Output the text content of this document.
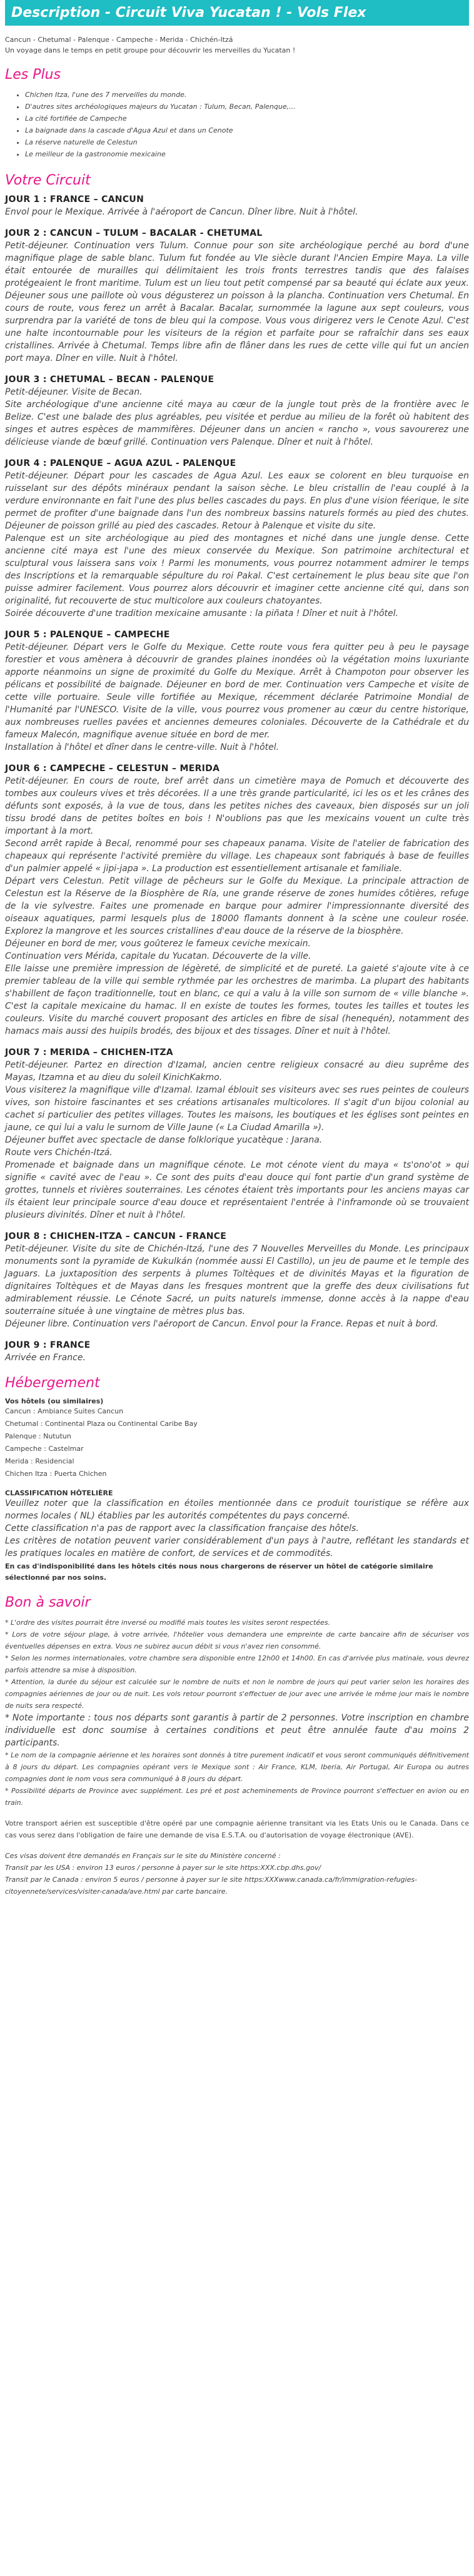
Description - Circuit Viva Yucatan ! - Vols Flex
Cancun - Chetumal - Palenque - Campeche - Merida - Chichén-Itzá
Un voyage dans le temps en petit groupe pour découvrir les merveilles du Yucatan !
Les Plus
• Chichen Itza, l'une des 7 merveilles du monde.
• D'autres sites archéologiques majeurs du Yucatan : Tulum, Becan, Palenque,...
• La cité fortifiée de Campeche
• La baignade dans la cascade d'Agua Azul et dans un Cenote
• La réserve naturelle de Celestun
• Le meilleur de la gastronomie mexicaine
Votre Circuit
JOUR 1 : FRANCE – CANCUN
Envol pour le Mexique. Arrivée à l'aéroport de Cancun. Dîner libre. Nuit à l'hôtel.
JOUR 2 : CANCUN – TULUM – BACALAR - CHETUMAL
Petit-déjeuner. Continuation vers Tulum. Connue pour son site archéologique perché au bord d'une magnifique plage de sable blanc. Tulum fut fondée au VIe siècle durant l'Ancien Empire Maya. La ville était entourée de murailles qui délimitaient les trois fronts terrestres tandis que des falaises protégeaient le front maritime. Tulum est un lieu tout petit compensé par sa beauté qui éclate aux yeux. Déjeuner sous une paillote où vous dégusterez un poisson à la plancha. Continuation vers Chetumal. En cours de route, vous ferez un arrêt à Bacalar. Bacalar, surnommée la lagune aux sept couleurs, vous surprendra par la variété de tons de bleu qui la compose. Vous vous dirigerez vers le Cenote Azul. C'est une halte incontournable pour les visiteurs de la région et parfaite pour se rafraîchir dans ses eaux cristallines. Arrivée à Chetumal. Temps libre afin de flâner dans les rues de cette ville qui fut un ancien port maya. Dîner en ville. Nuit à l'hôtel.
JOUR 3 : CHETUMAL – BECAN - PALENQUE
Petit-déjeuner. Visite de Becan.
Site archéologique d'une ancienne cité maya au cœur de la jungle tout près de la frontière avec le Belize. C'est une balade des plus agréables, peu visitée et perdue au milieu de la forêt où habitent des singes et autres espèces de mammifères. Déjeuner dans un ancien « rancho », vous savourerez une délicieuse viande de bœuf grillé. Continuation vers Palenque. Dîner et nuit à l'hôtel.
JOUR 4 : PALENQUE – AGUA AZUL - PALENQUE
Petit-déjeuner. Départ pour les cascades de Agua Azul. Les eaux se colorent en bleu turquoise en ruisselant sur des dépôts minéraux pendant la saison sèche. Le bleu cristallin de l'eau couplé à la verdure environnante en fait l'une des plus belles cascades du pays. En plus d'une vision féerique, le site permet de profiter d'une baignade dans l'un des nombreux bassins naturels formés au pied des chutes. Déjeuner de poisson grillé au pied des cascades. Retour à Palenque et visite du site.
Palenque est un site archéologique au pied des montagnes et niché dans une jungle dense. Cette ancienne cité maya est l'une des mieux conservée du Mexique. Son patrimoine architectural et sculptural vous laissera sans voix ! Parmi les monuments, vous pourrez notamment admirer le temps des Inscriptions et la remarquable sépulture du roi Pakal. C'est certainement le plus beau site que l'on puisse admirer facilement. Vous pourrez alors découvrir et imaginer cette ancienne cité qui, dans son originalité, fut recouverte de stuc multicolore aux couleurs chatoyantes.
Soirée découverte d'une tradition mexicaine amusante : la piñata ! Dîner et nuit à l'hôtel.
JOUR 5 : PALENQUE – CAMPECHE
Petit-déjeuner. Départ vers le Golfe du Mexique. Cette route vous fera quitter peu à peu le paysage forestier et vous amènera à découvrir de grandes plaines inondées où la végétation moins luxuriante apporte néanmoins un signe de proximité du Golfe du Mexique. Arrêt à Champoton pour observer les pélicans et possibilité de baignade. Déjeuner en bord de mer. Continuation vers Campeche et visite de cette ville portuaire. Seule ville fortifiée au Mexique, récemment déclarée Patrimoine Mondial de l'Humanité par l'UNESCO. Visite de la ville, vous pourrez vous promener au cœur du centre historique, aux nombreuses ruelles pavées et anciennes demeures coloniales. Découverte de la Cathédrale et du fameux Malecón, magnifique avenue située en bord de mer.
Installation à l'hôtel et dîner dans le centre-ville. Nuit à l'hôtel.
JOUR 6 : CAMPECHE – CELESTUN – MERIDA
Petit-déjeuner. En cours de route, bref arrêt dans un cimetière maya de Pomuch et découverte des tombes aux couleurs vives et très décorées. Il a une très grande particularité, ici les os et les crânes des défunts sont exposés, à la vue de tous, dans les petites niches des caveaux, bien disposés sur un joli tissu brodé dans de petites boîtes en bois ! N'oublions pas que les mexicains vouent un culte très important à la mort.
Second arrêt rapide à Becal, renommé pour ses chapeaux panama. Visite de l'atelier de fabrication des chapeaux qui représente l'activité première du village. Les chapeaux sont fabriqués à base de feuilles d'un palmier appelé « jipi-japa ». La production est essentiellement artisanale et familiale.
Départ vers Celestun. Petit village de pêcheurs sur le Golfe du Mexique. La principale attraction de Celestun est la Réserve de la Biosphère de Ría, une grande réserve de zones humides côtières, refuge de la vie sylvestre. Faites une promenade en barque pour admirer l'impressionnante diversité des oiseaux aquatiques, parmi lesquels plus de 18000 flamants donnent à la scène une couleur rosée. Explorez la mangrove et les sources cristallines d'eau douce de la réserve de la biosphère.
Déjeuner en bord de mer, vous goûterez le fameux ceviche mexicain.
Continuation vers Mérida, capitale du Yucatan. Découverte de la ville.
Elle laisse une première impression de légèreté, de simplicité et de pureté. La gaieté s'ajoute vite à ce premier tableau de la ville qui semble rythmée par les orchestres de marimba. La plupart des habitants s'habillent de façon traditionnelle, tout en blanc, ce qui a valu à la ville son surnom de « ville blanche ». C'est la capitale mexicaine du hamac. Il en existe de toutes les formes, toutes les tailles et toutes les couleurs. Visite du marché couvert proposant des articles en fibre de sisal (henequén), notamment des hamacs mais aussi des huipils brodés, des bijoux et des tissages. Dîner et nuit à l'hôtel.
JOUR 7 : MERIDA – CHICHEN-ITZA
Petit-déjeuner. Partez en direction d'Izamal, ancien centre religieux consacré au dieu suprême des Mayas, Itzamna et au dieu du soleil KinichKakmo.
Vous visiterez la magnifique ville d'Izamal. Izamal éblouit ses visiteurs avec ses rues peintes de couleurs vives, son histoire fascinantes et ses créations artisanales multicolores. Il s'agit d'un bijou colonial au cachet si particulier des petites villages. Toutes les maisons, les boutiques et les églises sont peintes en jaune, ce qui lui a valu le surnom de Ville Jaune (« La Ciudad Amarilla »).
Déjeuner buffet avec spectacle de danse folklorique yucatèque : Jarana.
Route vers Chichén-Itzá.
Promenade et baignade dans un magnifique cénote. Le mot cénote vient du maya « ts'ono'ot » qui signifie « cavité avec de l'eau ». Ce sont des puits d'eau douce qui font partie d'un grand système de grottes, tunnels et rivières souterraines. Les cénotes étaient très importants pour les anciens mayas car ils étaient leur principale source d'eau douce et représentaient l'entrée à l'inframonde où se trouvaient plusieurs divinités. Dîner et nuit à l'hôtel.
JOUR 8 : CHICHEN-ITZA – CANCUN - FRANCE
Petit-déjeuner. Visite du site de Chichén-Itzá, l'une des 7 Nouvelles Merveilles du Monde. Les principaux monuments sont la pyramide de Kukulkán (nommée aussi El Castillo), un jeu de paume et le temple des Jaguars. La juxtaposition des serpents à plumes Toltèques et de divinités Mayas et la figuration de dignitaires Toltèques et de Mayas dans les fresques montrent que la greffe des deux civilisations fut admirablement réussie. Le Cénote Sacré, un puits naturels immense, donne accès à la nappe d'eau souterraine située à une vingtaine de mètres plus bas.
Déjeuner libre. Continuation vers l'aéroport de Cancun. Envol pour la France. Repas et nuit à bord.
JOUR 9 : FRANCE
Arrivée en France.
Hébergement
Vos hôtels (ou similaires)
Cancun : Ambiance Suites Cancun
Chetumal : Continental Plaza ou Continental Caribe Bay
Palenque : Nututun
Campeche : Castelmar
Merida : Residencial
Chichen Itza : Puerta Chichen
CLASSIFICATION HÔTELIÈRE
Veuillez noter que la classification en étoiles mentionnée dans ce produit touristique se réfère aux normes locales ( NL) établies par les autorités compétentes du pays concerné.
Cette classification n'a pas de rapport avec la classification française des hôtels.
Les critères de notation peuvent varier considérablement d'un pays à l'autre, reflétant les standards et les pratiques locales en matière de confort, de services et de commodités.
En cas d'indisponibilité dans les hôtels cités nous nous chargerons de réserver un hôtel de catégorie similaire sélectionné par nos soins.
Bon à savoir

* L'ordre des visites pourrait être inversé ou modifié mais toutes les visites seront respectées.

* Lors de votre séjour plage, à votre arrivée, l'hôtelier vous demandera une empreinte de carte bancaire afin de sécuriser vos éventuelles dépenses en extra. Vous ne subirez aucun débit si vous n'avez rien consommé.

* Selon les normes internationales, votre chambre sera disponible entre 12h00 et 14h00. En cas d'arrivée plus matinale, vous devrez parfois attendre sa mise à disposition.

* Attention, la durée du séjour est calculée sur le nombre de nuits et non le nombre de jours qui peut varier selon les horaires des compagnies aériennes de jour ou de nuit. Les vols retour pourront s'effectuer de jour avec une arrivée le même jour mais le nombre de nuits sera respecté.

* Note importante : tous nos départs sont garantis à partir de 2 personnes. Votre inscription en chambre individuelle est donc soumise à certaines conditions et peut être annulée faute d'au moins 2 participants.

* Le nom de la compagnie aérienne et les horaires sont donnés à titre purement indicatif et vous seront communiqués définitivement à 8 jours du départ. Les compagnies opérant vers le Mexique sont : Air France, KLM, Iberia, Air Portugal, Air Europa ou autres compagnies dont le nom vous sera communiqué à 8 jours du départ.

* Possibilité départs de Province avec supplément. Les pré et post acheminements de Province pourront s'effectuer en avion ou en train.

Votre transport aérien est susceptible d'être opéré par une compagnie aérienne transitant via les Etats Unis ou le Canada. Dans ce cas vous serez dans l'obligation de faire une demande de visa E.S.T.A. ou d'autorisation de voyage électronique (AVE).
Ces visas doivent être demandés en Français sur le site du Ministère concerné :
Transit par les USA : environ 13 euros / personne à payer sur le site https:XXX.cbp.dhs.gov/
Transit par le Canada : environ 5 euros / personne à payer sur le site https:XXXwww.canada.ca/fr/immigration-refugies-citoyennete/services/visiter-canada/ave.html par carte bancaire.
